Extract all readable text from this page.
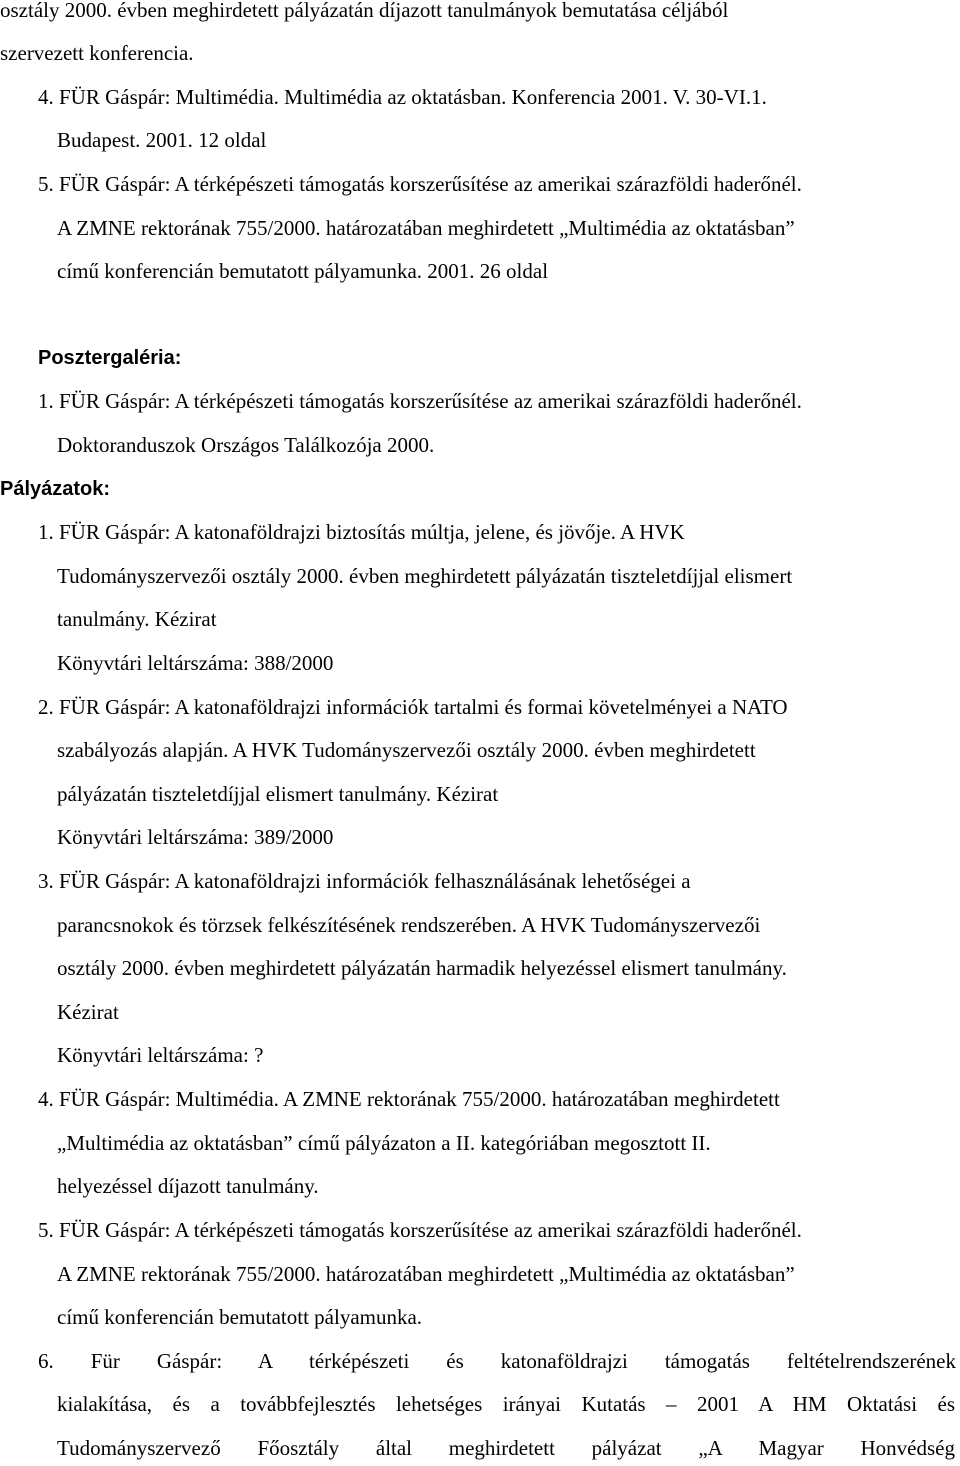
osztály 2000. évben meghirdetett pályázatán díjazott tanulmányok bemutatása céljából
szervezett konferencia.
4. FÜR Gáspár: Multimédia. Multimédia az oktatásban. Konferencia 2001. V. 30-VI.1.
Budapest. 2001. 12 oldal
5. FÜR Gáspár: A térképészeti támogatás korszerűsítése az amerikai szárazföldi haderőnél.
A ZMNE rektorának 755/2000. határozatában meghirdetett „Multimédia az oktatásban”
című konferencián bemutatott pályamunka. 2001. 26 oldal
Posztergaléria:
1. FÜR Gáspár: A térképészeti támogatás korszerűsítése az amerikai szárazföldi haderőnél.
Doktoranduszok Országos Találkozója 2000.
Pályázatok:
1. FÜR Gáspár: A katonaföldrajzi biztosítás múltja, jelene, és jövője. A HVK
Tudományszervezői osztály 2000. évben meghirdetett pályázatán tiszteletdíjjal elismert
tanulmány. Kézirat
Könyvtári leltárszáma: 388/2000
2. FÜR Gáspár: A katonaföldrajzi információk tartalmi és formai követelményei a NATO
szabályozás alapján. A HVK Tudományszervezői osztály 2000. évben meghirdetett
pályázatán tiszteletdíjjal elismert tanulmány. Kézirat
Könyvtári leltárszáma: 389/2000
3. FÜR Gáspár: A katonaföldrajzi információk felhasználásának lehetőségei a
parancsnokok és törzsek felkészítésének rendszerében. A HVK Tudományszervezői
osztály 2000. évben meghirdetett pályázatán harmadik helyezéssel elismert tanulmány.
Kézirat
Könyvtári leltárszáma: ?
4. FÜR Gáspár: Multimédia. A ZMNE rektorának 755/2000. határozatában meghirdetett
„Multimédia az oktatásban” című pályázaton a II. kategóriában megosztott II.
helyezéssel díjazott tanulmány.
5. FÜR Gáspár: A térképészeti támogatás korszerűsítése az amerikai szárazföldi haderőnél.
A ZMNE rektorának 755/2000. határozatában meghirdetett „Multimédia az oktatásban”
című konferencián bemutatott pályamunka.
6. Für Gáspár: A térképészeti és katonaföldrajzi támogatás feltételrendszerének
kialakítása, és a továbbfejlesztés lehetséges irányai Kutatás – 2001 A HM Oktatási és
Tudományszervező Főosztály által meghirdetett pályázat „A Magyar Honvédség
